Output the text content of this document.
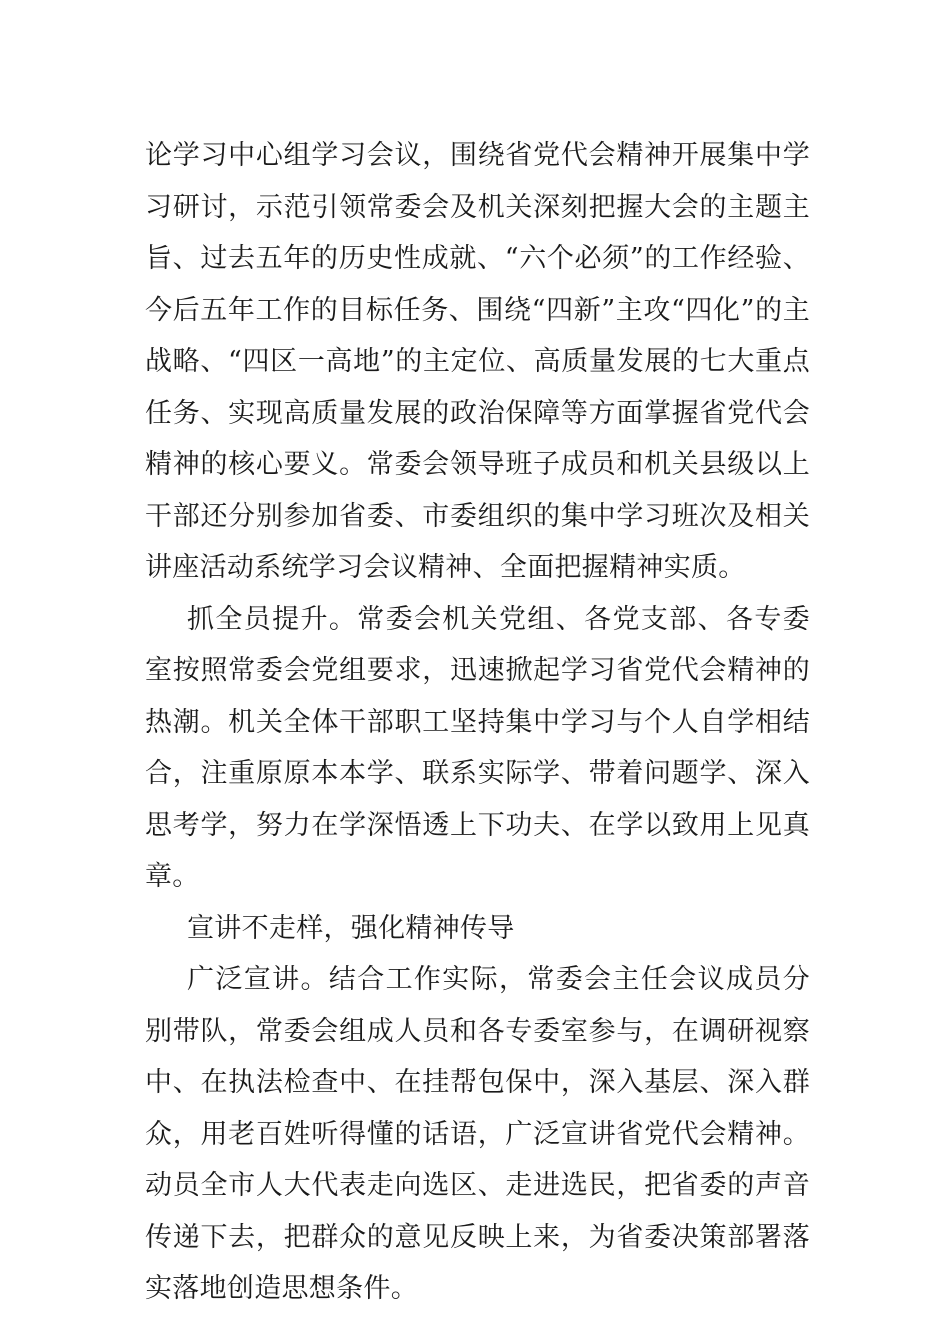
论学习中心组学习会议，围绕省党代会精神开展集中学习研讨，示范引领常委会及机关深刻把握大会的主题主旨、过去五年的历史性成就、“六个必须”的工作经验、今后五年工作的目标任务、围绕“四新”主攻“四化”的主战略、“四区一高地”的主定位、高质量发展的七大重点任务、实现高质量发展的政治保障等方面掌握省党代会精神的核心要义。常委会领导班子成员和机关县级以上干部还分别参加省委、市委组织的集中学习班次及相关讲座活动系统学习会议精神、全面把握精神实质。

抓全员提升。常委会机关党组、各党支部、各专委室按照常委会党组要求，迅速掀起学习省党代会精神的热潮。机关全体干部职工坚持集中学习与个人自学相结合，注重原原本本学、联系实际学、带着问题学、深入思考学，努力在学深悟透上下功夫、在学以致用上见真章。

宣讲不走样，强化精神传导

广泛宣讲。结合工作实际，常委会主任会议成员分别带队，常委会组成人员和各专委室参与，在调研视察中、在执法检查中、在挂帮包保中，深入基层、深入群众，用老百姓听得懂的话语，广泛宣讲省党代会精神。动员全市人大代表走向选区、走进选民，把省委的声音传递下去，把群众的意见反映上来，为省委决策部署落实落地创造思想条件。
